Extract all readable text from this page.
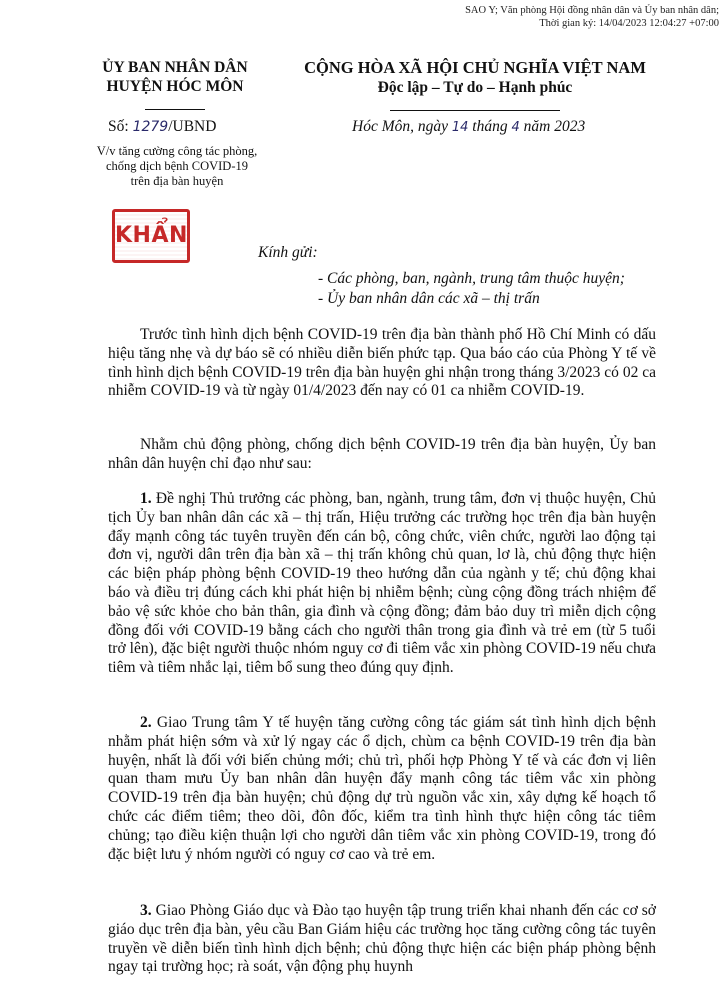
SAO Y; Văn phòng Hội đồng nhân dân và Ủy ban nhân dân;
Thời gian ký: 14/04/2023 12:04:27 +07:00
ỦY BAN NHÂN DÂN
HUYỆN HÓC MÔN
CỘNG HÒA XÃ HỘI CHỦ NGHĨA VIỆT NAM
Độc lập – Tự do – Hạnh phúc
Số: 1279/UBND	Hóc Môn, ngày 14 tháng 4 năm 2023
V/v tăng cường công tác phòng,
chống dịch bệnh COVID-19
trên địa bàn huyện
KHẨN
Kính gửi:
- Các phòng, ban, ngành, trung tâm thuộc huyện;
- Ủy ban nhân dân các xã – thị trấn

Trước tình hình dịch bệnh COVID-19 trên địa bàn thành phố Hồ Chí Minh có dấu hiệu tăng nhẹ và dự báo sẽ có nhiều diễn biến phức tạp. Qua báo cáo của Phòng Y tế về tình hình dịch bệnh COVID-19 trên địa bàn huyện ghi nhận trong tháng 3/2023 có 02 ca nhiễm COVID-19 và từ ngày 01/4/2023 đến nay có 01 ca nhiễm COVID-19.

Nhằm chủ động phòng, chống dịch bệnh COVID-19 trên địa bàn huyện, Ủy ban nhân dân huyện chỉ đạo như sau:

1. Đề nghị Thủ trưởng các phòng, ban, ngành, trung tâm, đơn vị thuộc huyện, Chủ tịch Ủy ban nhân dân các xã – thị trấn, Hiệu trưởng các trường học trên địa bàn huyện đẩy mạnh công tác tuyên truyền đến cán bộ, công chức, viên chức, người lao động tại đơn vị, người dân trên địa bàn xã – thị trấn không chủ quan, lơ là, chủ động thực hiện các biện pháp phòng bệnh COVID-19 theo hướng dẫn của ngành y tế; chủ động khai báo và điều trị đúng cách khi phát hiện bị nhiễm bệnh; cùng cộng đồng trách nhiệm để bảo vệ sức khỏe cho bản thân, gia đình và cộng đồng; đảm bảo duy trì miễn dịch cộng đồng đối với COVID-19 bằng cách cho người thân trong gia đình và trẻ em (từ 5 tuổi trở lên), đặc biệt người thuộc nhóm nguy cơ đi tiêm vắc xin phòng COVID-19 nếu chưa tiêm và tiêm nhắc lại, tiêm bổ sung theo đúng quy định.

2. Giao Trung tâm Y tế huyện tăng cường công tác giám sát tình hình dịch bệnh nhằm phát hiện sớm và xử lý ngay các ổ dịch, chùm ca bệnh COVID-19 trên địa bàn huyện, nhất là đối với biến chủng mới; chủ trì, phối hợp Phòng Y tế và các đơn vị liên quan tham mưu Ủy ban nhân dân huyện đẩy mạnh công tác tiêm vắc xin phòng COVID-19 trên địa bàn huyện; chủ động dự trù nguồn vắc xin, xây dựng kế hoạch tổ chức các điểm tiêm; theo dõi, đôn đốc, kiểm tra tình hình thực hiện công tác tiêm chủng; tạo điều kiện thuận lợi cho người dân tiêm vắc xin phòng COVID-19, trong đó đặc biệt lưu ý nhóm người có nguy cơ cao và trẻ em.

3. Giao Phòng Giáo dục và Đào tạo huyện tập trung triển khai nhanh đến các cơ sở giáo dục trên địa bàn, yêu cầu Ban Giám hiệu các trường học tăng cường công tác tuyên truyền về diễn biến tình hình dịch bệnh; chủ động thực hiện các biện pháp phòng bệnh ngay tại trường học; rà soát, vận động phụ huynh
